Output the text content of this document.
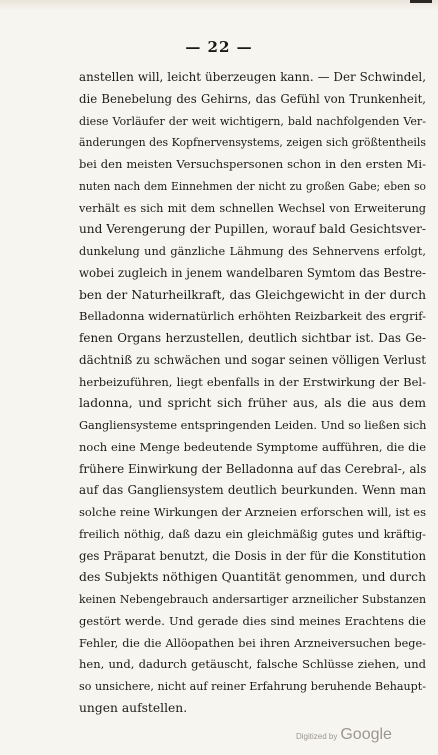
— 22 —
anstellen will, leicht überzeugen kann. — Der Schwindel,
die Benebelung des Gehirns, das Gefühl von Trunkenheit,
diese Vorläufer der weit wichtigern, bald nachfolgenden Ver-
änderungen des Kopfnervensystems, zeigen sich größtentheils
bei den meisten Versuchspersonen schon in den ersten Mi-
nuten nach dem Einnehmen der nicht zu großen Gabe; eben so
verhält es sich mit dem schnellen Wechsel von Erweiterung
und Verengerung der Pupillen, worauf bald Gesichtsver-
dunkelung und gänzliche Lähmung des Sehnervens erfolgt,
wobei zugleich in jenem wandelbaren Symtom das Bestre-
ben der Naturheilkraft, das Gleichgewicht in der durch
Belladonna widernatürlich erhöhten Reizbarkeit des ergrif-
fenen Organs herzustellen, deutlich sichtbar ist. Das Ge-
dächtniß zu schwächen und sogar seinen völligen Verlust
herbeizuführen, liegt ebenfalls in der Erstwirkung der Bel-
ladonna, und spricht sich früher aus, als die aus dem
Gangliensysteme entspringenden Leiden. Und so ließen sich
noch eine Menge bedeutende Symptome aufführen, die die
frühere Einwirkung der Belladonna auf das Cerebral-, als
auf das Gangliensystem deutlich beurkunden. Wenn man
solche reine Wirkungen der Arzneien erforschen will, ist es
freilich nöthig, daß dazu ein gleichmäßig gutes und kräftig-
ges Präparat benutzt, die Dosis in der für die Konstitution
des Subjekts nöthigen Quantität genommen, und durch
keinen Nebengebrauch andersartiger arzneilicher Substanzen
gestört werde. Und gerade dies sind meines Erachtens die
Fehler, die die Allöopathen bei ihren Arzneiversuchen bege-
hen, und, dadurch getäuscht, falsche Schlüsse ziehen, und
so unsichere, nicht auf reiner Erfahrung beruhende Behaupt-
ungen aufstellen.
Digitized by Google
